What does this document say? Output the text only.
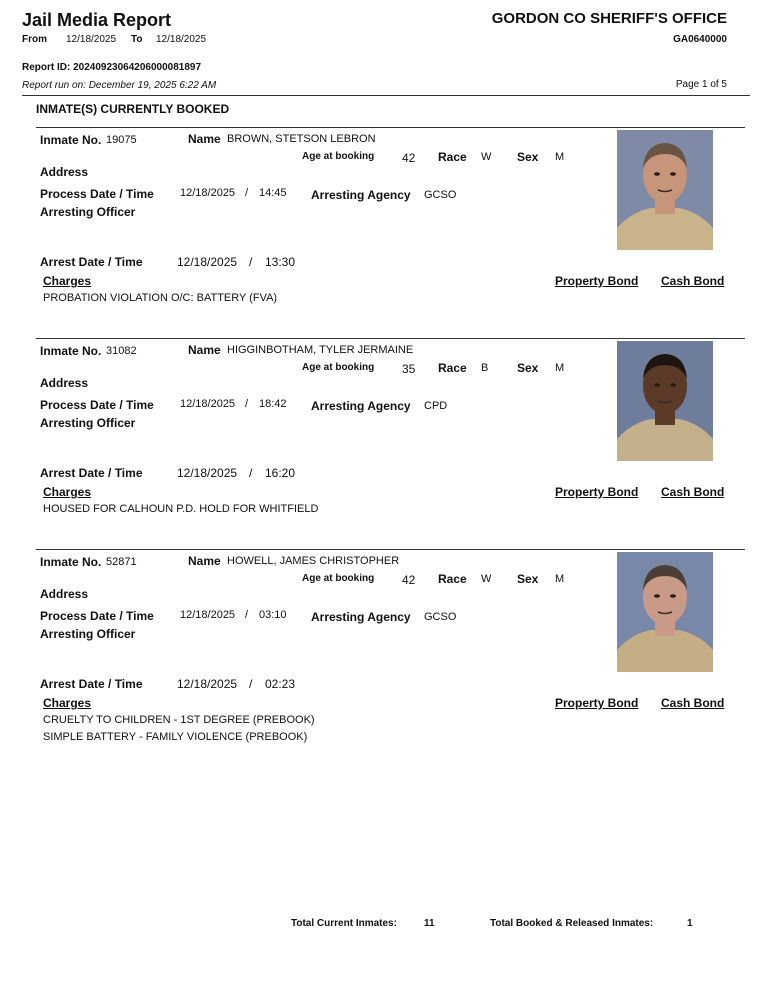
Jail Media Report	GORDON CO SHERIFF'S OFFICE
From 12/18/2025 To 12/18/2025	GA0640000
Report ID: 20240923064206000081897
Report run on: December 19, 2025 6:22 AM	Page 1 of 5
INMATE(S) CURRENTLY BOOKED
Inmate No. 19075	Name BROWN, STETSON LEBRON
Age at booking 42 Race W Sex M
Address
Process Date / Time 12/18/2025 / 14:45 Arresting Agency GCSO
Arresting Officer
Arrest Date / Time	12/18/2025 / 13:30
Charges	Property Bond Cash Bond
PROBATION VIOLATION O/C: BATTERY (FVA)
Inmate No. 31082	Name HIGGINBOTHAM, TYLER JERMAINE
Age at booking 35 Race B Sex M
Address
Process Date / Time 12/18/2025 / 18:42 Arresting Agency CPD
Arresting Officer
Arrest Date / Time	12/18/2025 / 16:20
Charges	Property Bond Cash Bond
HOUSED FOR CALHOUN P.D. HOLD FOR WHITFIELD
Inmate No. 52871	Name HOWELL, JAMES CHRISTOPHER
Age at booking 42 Race W Sex M
Address
Process Date / Time 12/18/2025 / 03:10 Arresting Agency GCSO
Arresting Officer
Arrest Date / Time	12/18/2025 / 02:23
Charges	Property Bond Cash Bond
CRUELTY TO CHILDREN - 1ST DEGREE (PREBOOK)
SIMPLE BATTERY - FAMILY VIOLENCE (PREBOOK)
Total Current Inmates:	11	Total Booked & Released Inmates:	1
